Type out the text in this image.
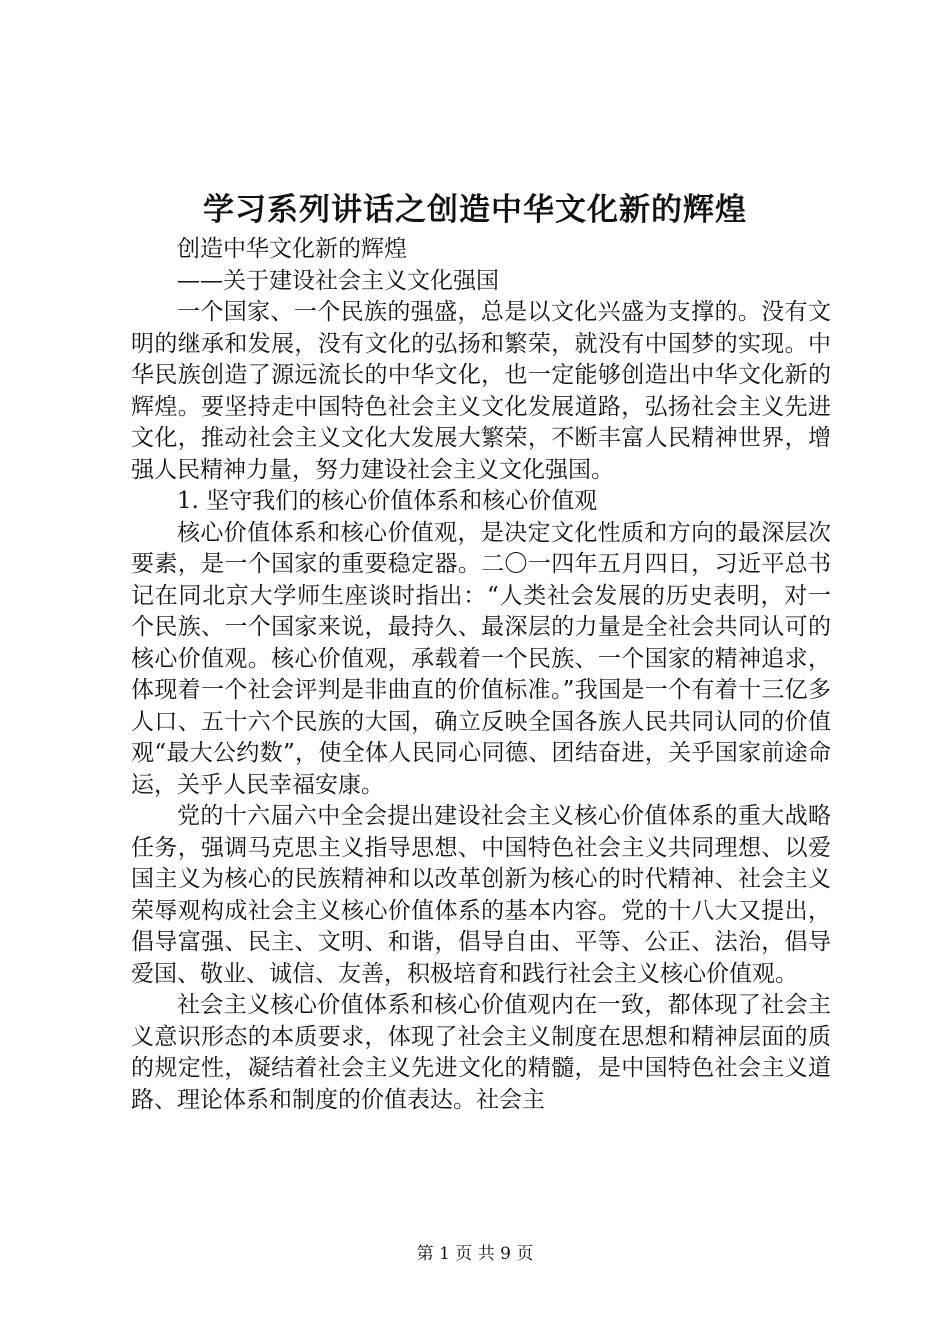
学习系列讲话之创造中华文化新的辉煌

创造中华文化新的辉煌

——关于建设社会主义文化强国

一个国家、一个民族的强盛，总是以文化兴盛为支撑的。没有文明的继承和发展，没有文化的弘扬和繁荣，就没有中国梦的实现。中华民族创造了源远流长的中华文化，也一定能够创造出中华文化新的辉煌。要坚持走中国特色社会主义文化发展道路，弘扬社会主义先进文化，推动社会主义文化大发展大繁荣，不断丰富人民精神世界，增强人民精神力量，努力建设社会主义文化强国。

1. 坚守我们的核心价值体系和核心价值观

核心价值体系和核心价值观，是决定文化性质和方向的最深层次要素，是一个国家的重要稳定器。二〇一四年五月四日，习近平总书记在同北京大学师生座谈时指出：“人类社会发展的历史表明，对一个民族、一个国家来说，最持久、最深层的力量是全社会共同认可的核心价值观。核心价值观，承载着一个民族、一个国家的精神追求，体现着一个社会评判是非曲直的价值标准。”我国是一个有着十三亿多人口、五十六个民族的大国，确立反映全国各族人民共同认同的价值观“最大公约数”，使全体人民同心同德、团结奋进，关乎国家前途命运，关乎人民幸福安康。

党的十六届六中全会提出建设社会主义核心价值体系的重大战略任务，强调马克思主义指导思想、中国特色社会主义共同理想、以爱国主义为核心的民族精神和以改革创新为核心的时代精神、社会主义荣辱观构成社会主义核心价值体系的基本内容。党的十八大又提出，倡导富强、民主、文明、和谐，倡导自由、平等、公正、法治，倡导爱国、敬业、诚信、友善，积极培育和践行社会主义核心价值观。

社会主义核心价值体系和核心价值观内在一致，都体现了社会主义意识形态的本质要求，体现了社会主义制度在思想和精神层面的质的规定性，凝结着社会主义先进文化的精髓，是中国特色社会主义道路、理论体系和制度的价值表达。社会主

第 1 页 共 9 页
